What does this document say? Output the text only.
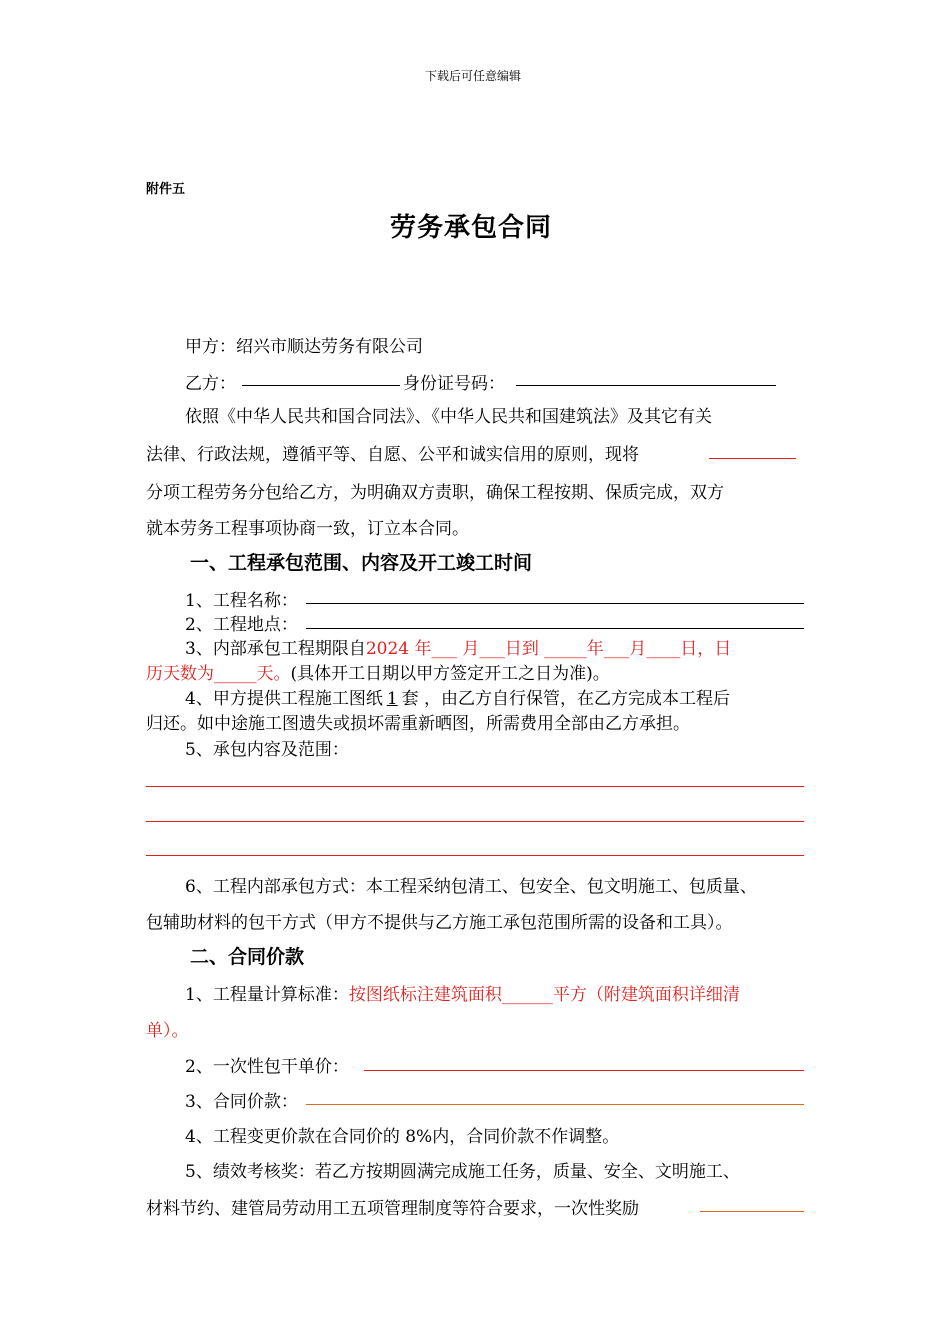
下载后可任意编辑
附件五
劳务承包合同
甲方：绍兴市顺达劳务有限公司
乙方：	身份证号码：
依照《中华人民共和国合同法》、《中华人民共和国建筑法》及其它有关
法律、行政法规，遵循平等、自愿、公平和诚实信用的原则，现将
分项工程劳务分包给乙方，为明确双方责职，确保工程按期、保质完成，双方
就本劳务工程事项协商一致，订立本合同。
一、工程承包范围、内容及开工竣工时间
1、工程名称：
2、工程地点：
3、内部承包工程期限自2024 年___ 月___日到 _____年___月____日，日
历天数为_____天。(具体开工日期以甲方签定开工之日为准)。
4、甲方提供工程施工图纸 1 套 ，由乙方自行保管，在乙方完成本工程后
归还。如中途施工图遗失或损坏需重新晒图，所需费用全部由乙方承担。
5、承包内容及范围：
6、工程内部承包方式：本工程采纳包清工、包安全、包文明施工、包质量、
包辅助材料的包干方式（甲方不提供与乙方施工承包范围所需的设备和工具）。
二、合同价款
1、工程量计算标准：按图纸标注建筑面积______平方（附建筑面积详细清
单）。
2、一次性包干单价：
3、合同价款：
4、工程变更价款在合同价的 8%内，合同价款不作调整。
5、绩效考核奖：若乙方按期圆满完成施工任务，质量、安全、文明施工、
材料节约、建管局劳动用工五项管理制度等符合要求，一次性奖励
